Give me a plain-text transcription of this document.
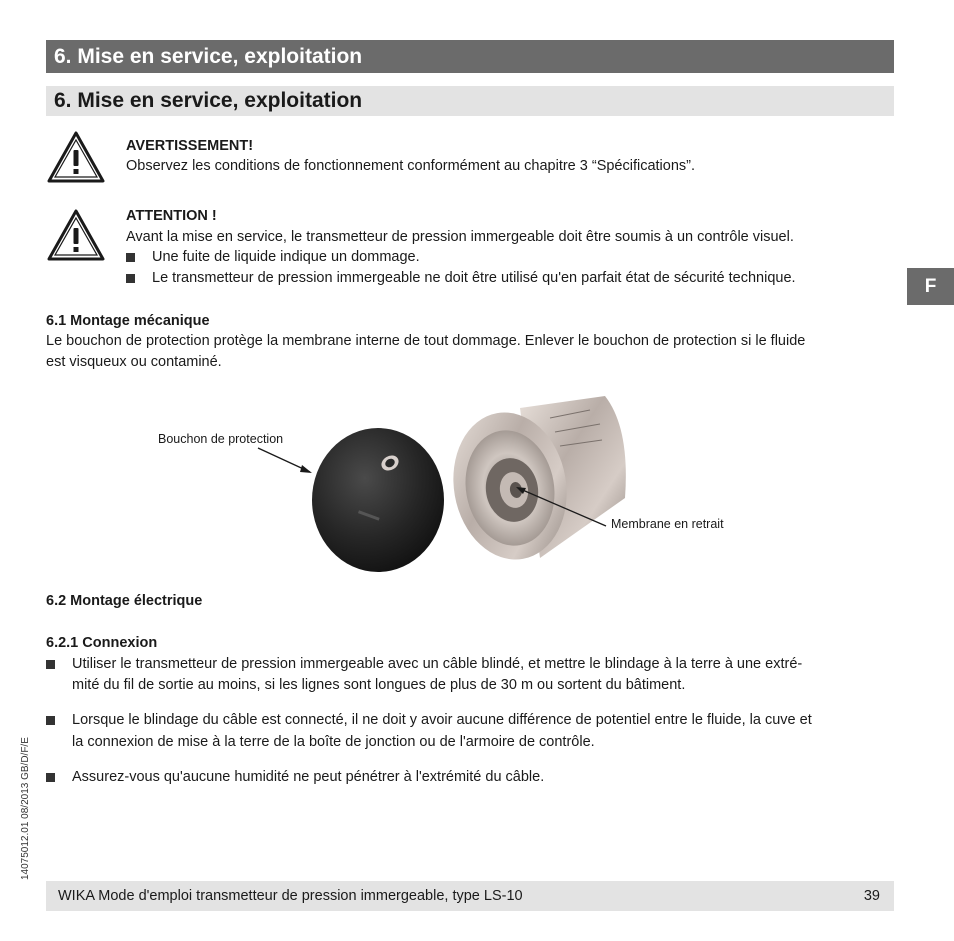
6. Mise en service, exploitation
6. Mise en service, exploitation
AVERTISSEMENT!
Observez les conditions de fonctionnement conformément au chapitre 3 “Spécifications”.
ATTENTION !
Avant la mise en service, le transmetteur de pression immergeable doit être soumis à un contrôle visuel.
Une fuite de liquide indique un dommage.
Le transmetteur de pression immergeable ne doit être utilisé qu'en parfait état de sécurité technique.	F
6.1 Montage mécanique
Le bouchon de protection protège la membrane interne de tout dommage. Enlever le bouchon de protection si le fluide
est visqueux ou contaminé.
Bouchon de protection
Membrane en retrait
6.2 Montage électrique
6.2.1 Connexion
Utiliser le transmetteur de pression immergeable avec un câble blindé, et mettre le blindage à la terre à une extré-
mité du fil de sortie au moins, si les lignes sont longues de plus de 30 m ou sortent du bâtiment.
Lorsque le blindage du câble est connecté, il ne doit y avoir aucune différence de potentiel entre le fluide, la cuve et
la connexion de mise à la terre de la boîte de jonction ou de l'armoire de contrôle.
Assurez-vous qu'aucune humidité ne peut pénétrer à l'extrémité du câble.
14075012.01 08/2013 GB/D/F/E
WIKA Mode d'emploi transmetteur de pression immergeable, type LS-10	39
